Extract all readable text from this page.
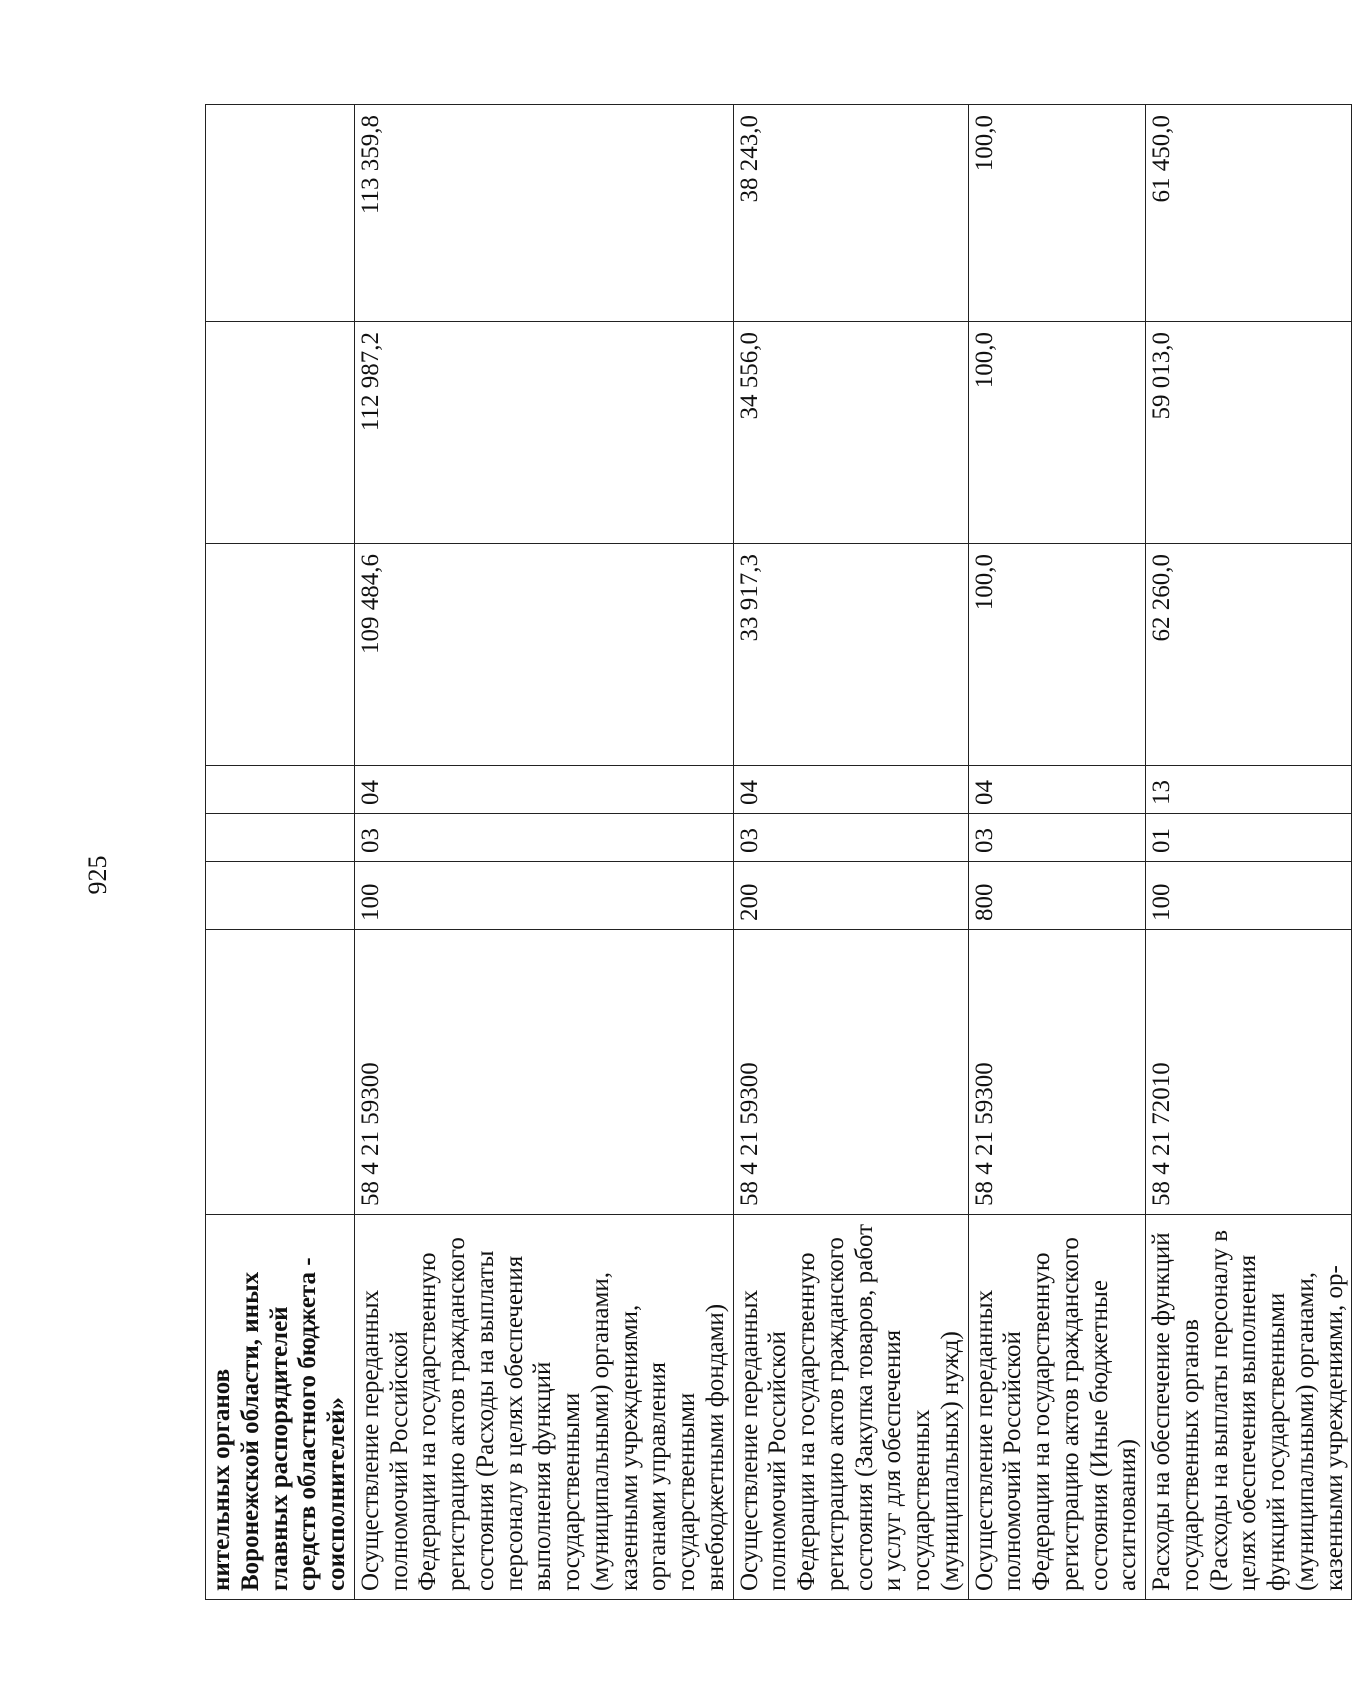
925
нительных органов Воронежской области, иных главных распорядителей средств областного бюджета - соисполнителей»							
Осуществление переданных полномочий Российской Федерации на государственную регистрацию актов гражданского состояния (Расходы на выплаты персоналу в целях обеспечения выполнения функций государственными (муниципальными) органами, казенными учреждениями, органами управления государственными внебюджетными фондами)	58 4 21 59300	100	03	04	109 484,6	112 987,2	113 359,8
Осуществление переданных полномочий Российской Федерации на государственную регистрацию актов гражданского состояния (Закупка товаров, работ и услуг для обеспечения государственных (муниципальных) нужд)	58 4 21 59300	200	03	04	33 917,3	34 556,0	38 243,0
Осуществление переданных полномочий Российской Федерации на государственную регистрацию актов гражданского состояния (Иные бюджетные ассигнования)	58 4 21 59300	800	03	04	100,0	100,0	100,0
Расходы на обеспечение функций государственных органов (Расходы на выплаты персоналу в целях обеспечения выполнения функций государственными (муниципальными) органами, казенными учреждениями, ор-	58 4 21 72010	100	01	13	62 260,0	59 013,0	61 450,0
